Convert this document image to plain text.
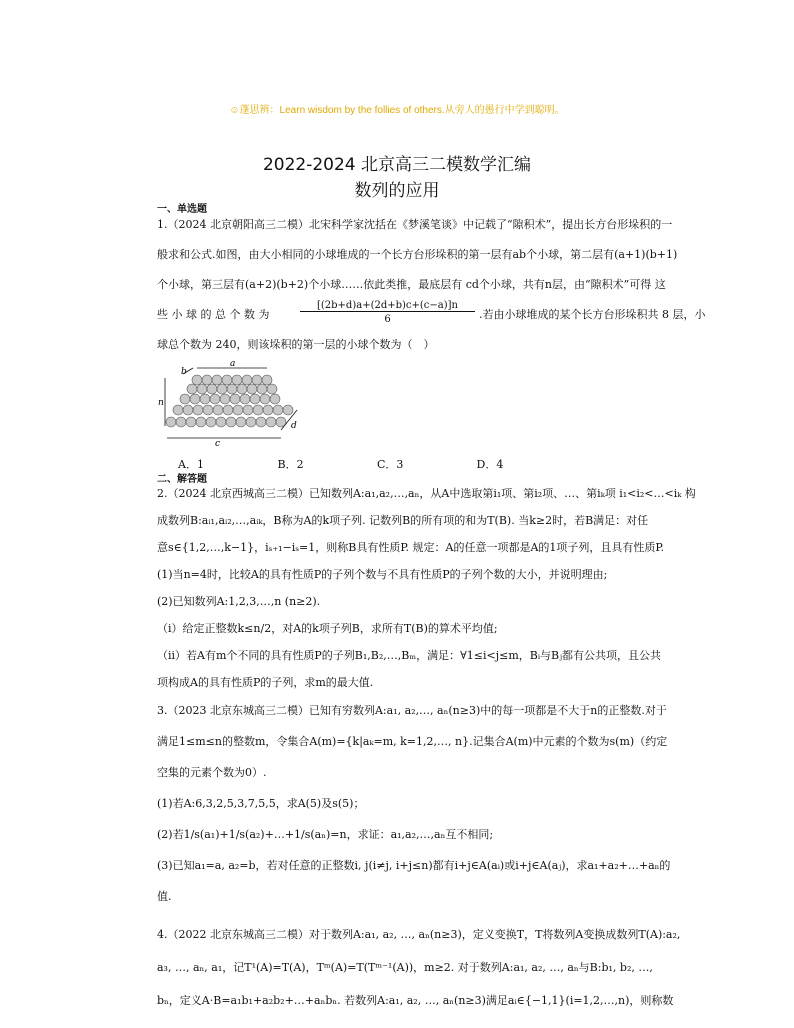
☺蓬思辨：Learn wisdom by the follies of others.从旁人的愚行中学到聪明。
2022-2024 北京高三二模数学汇编
数列的应用
一、单选题
1.（2024 北京朝阳高三二模）北宋科学家沈括在《梦溪笔谈》中记载了“隙积术”，提出长方台形垛积的一
般求和公式.如图，由大小相同的小球堆成的一个长方台形垛积的第一层有ab个小球，第二层有(a+1)(b+1)
个小球，第三层有(a+2)(b+2)个小球……依此类推，最底层有 cd个小球，共有n层，由“隙积术”可得 这
些 小 球 的 总 个 数 为	.若由小球堆成的某个长方台形垛积共 8 层，小
球总个数为 240，则该垛积的第一层的小球个数为（　）
$\frac{[(2b+d)a+(2d+b)c+(c-a)]n}{6}$
a
b
n
c
d
A．1	B．2	C．3	D．4
二、解答题
2.（2024 北京西城高三二模）已知数列A:a₁,a₂,…,aₙ，从A中选取第i₁项、第i₂项、…、第iₖ项 i₁<i₂<…<iₖ 构
成数列B:aᵢ₁,aᵢ₂,…,aᵢₖ，B称为A的k项子列. 记数列B的所有项的和为T(B). 当k≥2时，若B满足：对任
意s∈{1,2,…,k−1}，iₛ₊₁−iₛ=1，则称B具有性质P. 规定：A的任意一项都是A的1项子列，且具有性质P.
(1)当n=4时，比较A的具有性质P的子列个数与不具有性质P的子列个数的大小，并说明理由;
(2)已知数列A:1,2,3,…,n (n≥2).
（i）给定正整数k≤n/2，对A的k项子列B，求所有T(B)的算术平均值;
（ii）若A有m个不同的具有性质P的子列B₁,B₂,…,Bₘ，满足：∀1≤i<j≤m，Bᵢ与Bⱼ都有公共项，且公共
项构成A的具有性质P的子列，求m的最大值.
3.（2023 北京东城高三二模）已知有穷数列A:a₁, a₂,…, aₙ(n≥3)中的每一项都是不大于n的正整数.对于
满足1≤m≤n的整数m，令集合A(m)={k|aₖ=m, k=1,2,…, n}.记集合A(m)中元素的个数为s(m)（约定
空集的元素个数为0）.
(1)若A:6,3,2,5,3,7,5,5，求A(5)及s(5)；
(2)若1/s(a₁)+1/s(a₂)+…+1/s(aₙ)=n，求证：a₁,a₂,…,aₙ互不相同;
(3)已知a₁=a, a₂=b，若对任意的正整数i, j(i≠j, i+j≤n)都有i+j∈A(aᵢ)或i+j∈A(aⱼ)，求a₁+a₂+…+aₙ的
值.
4.（2022 北京东城高三二模）对于数列A:a₁, a₂, …, aₙ(n≥3)，定义变换T，T将数列A变换成数列T(A):a₂,
a₃, …, aₙ, a₁，记T¹(A)=T(A)，Tᵐ(A)=T(Tᵐ⁻¹(A))，m≥2. 对于数列A:a₁, a₂, …, aₙ与B:b₁, b₂, …,
bₙ，定义A·B=a₁b₁+a₂b₂+…+aₙbₙ. 若数列A:a₁, a₂, …, aₙ(n≥3)满足aᵢ∈{−1,1}(i=1,2,…,n)，则称数
